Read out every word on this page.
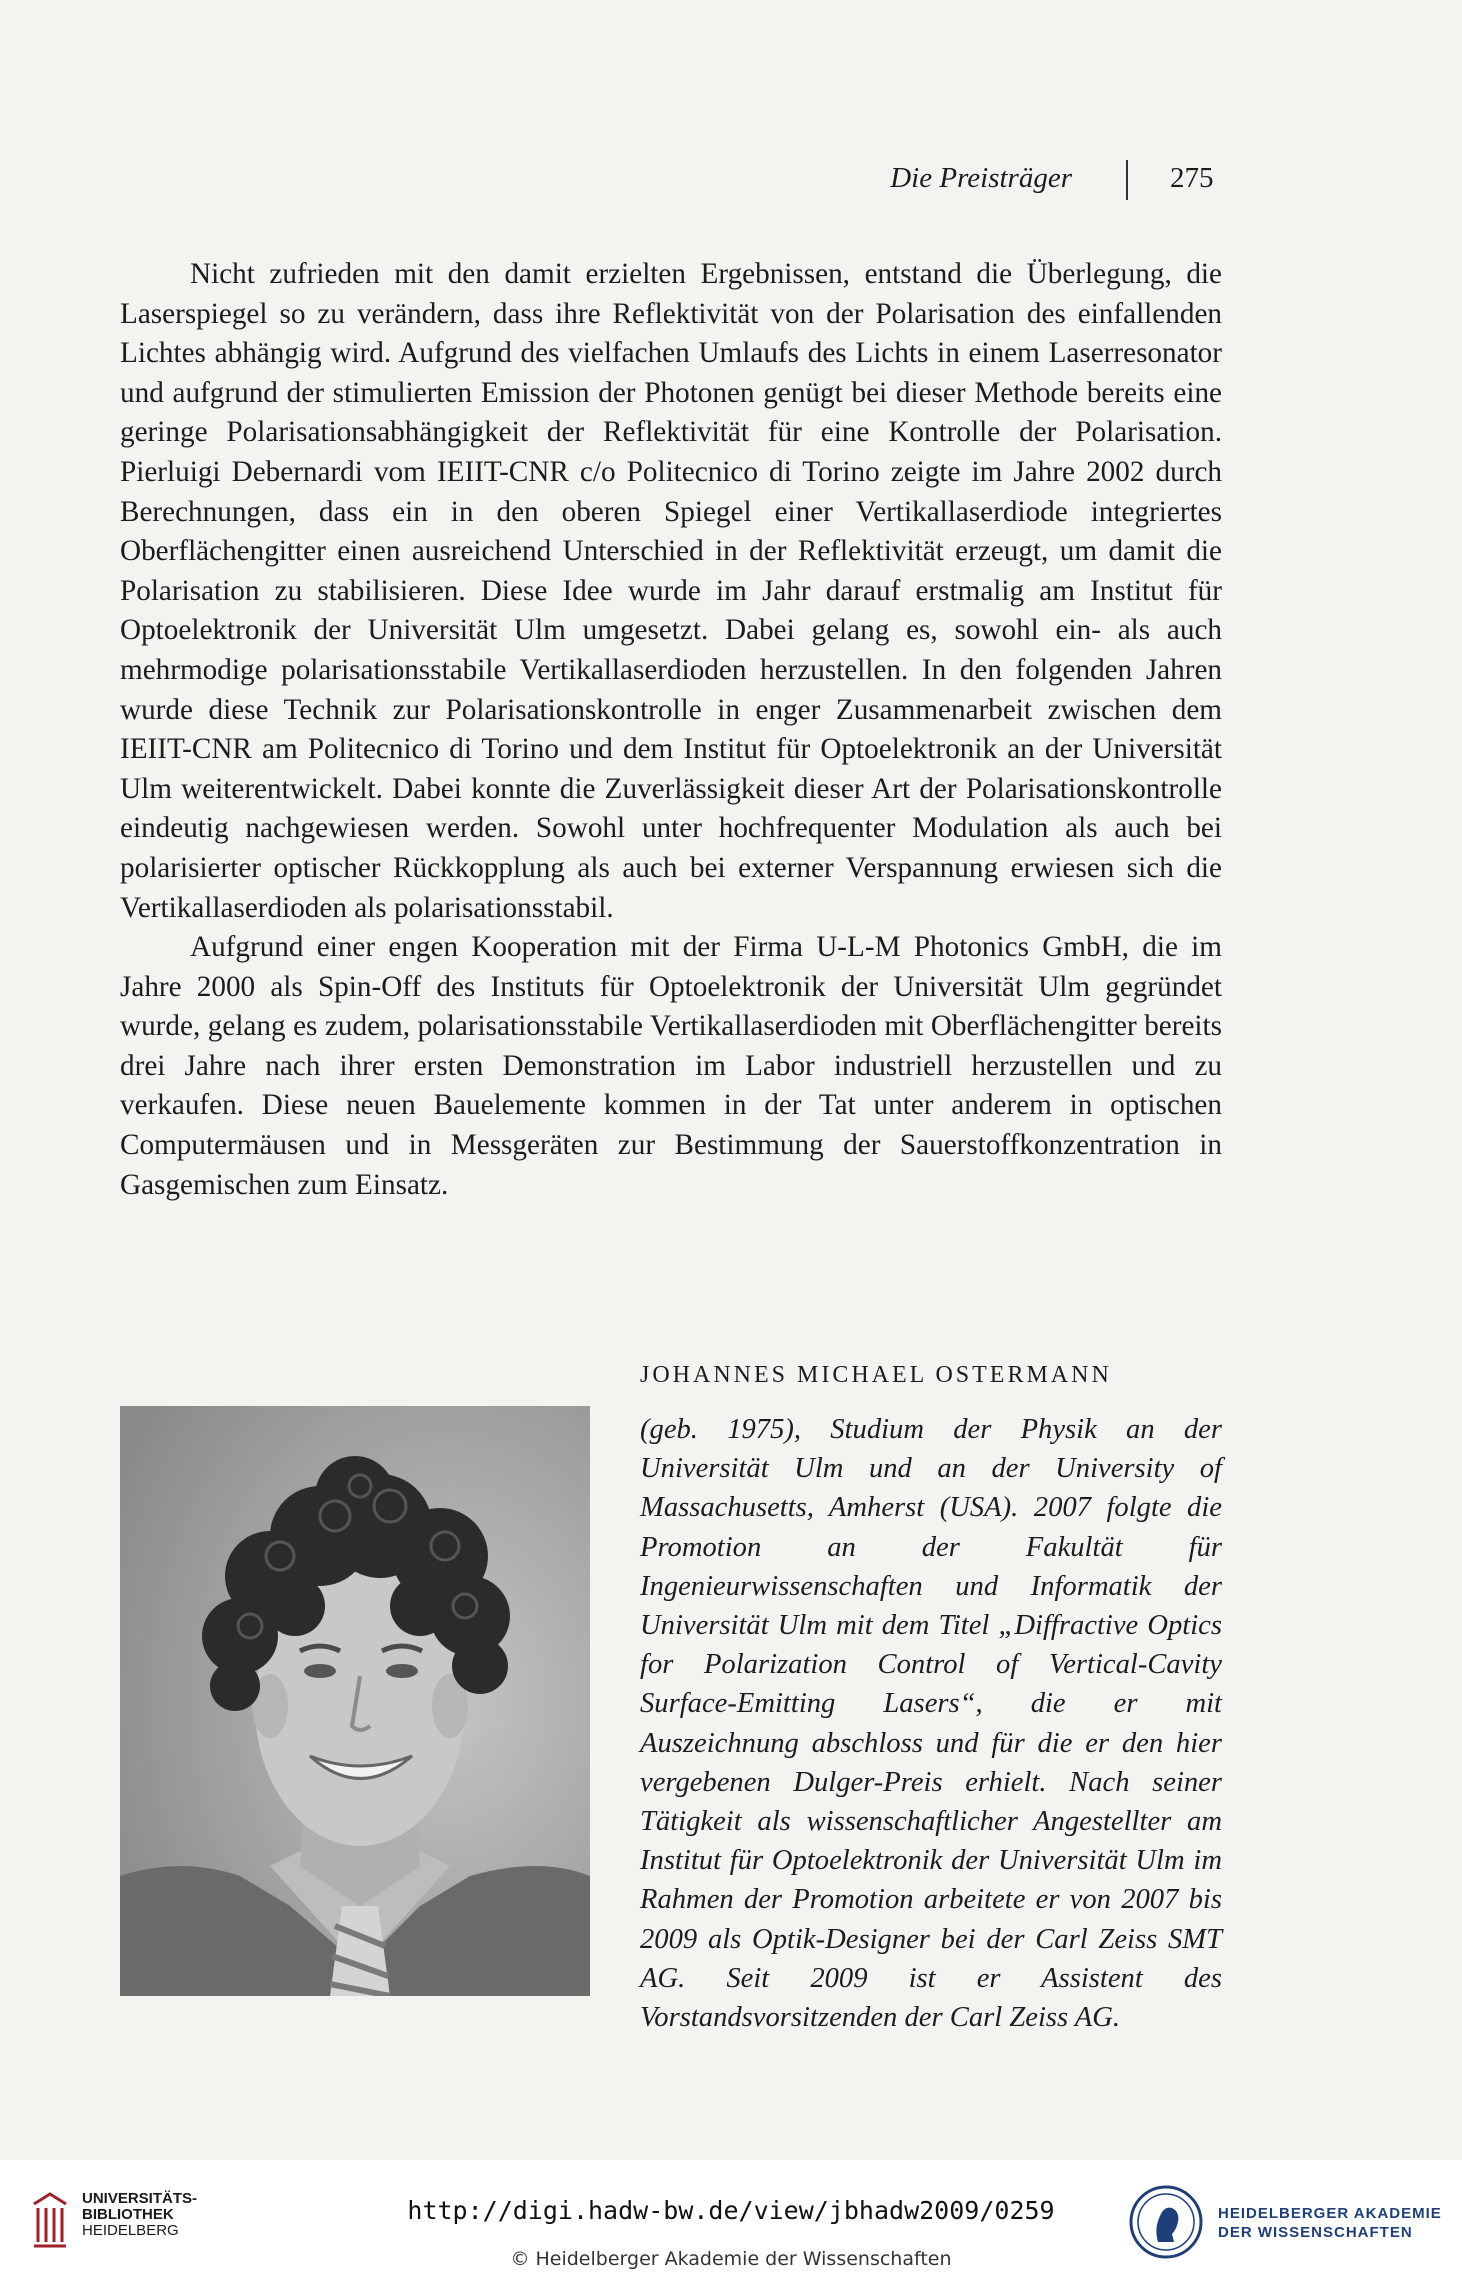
Die Preisträger	275

Nicht zufrieden mit den damit erzielten Ergebnissen, entstand die Überlegung, die Laserspiegel so zu verändern, dass ihre Reflektivität von der Polarisation des einfallenden Lichtes abhängig wird. Aufgrund des vielfachen Umlaufs des Lichts in einem Laserresonator und aufgrund der stimulierten Emission der Photonen genügt bei dieser Methode bereits eine geringe Polarisationsabhängigkeit der Reflektivität für eine Kontrolle der Polarisation. Pierluigi Debernardi vom IEIIT-CNR c/o Politecnico di Torino zeigte im Jahre 2002 durch Berechnungen, dass ein in den oberen Spiegel einer Vertikallaserdiode integriertes Oberflächengitter einen ausreichend Unterschied in der Reflektivität erzeugt, um damit die Polarisation zu stabilisieren. Diese Idee wurde im Jahr darauf erstmalig am Institut für Optoelektronik der Universität Ulm umgesetzt. Dabei gelang es, sowohl ein- als auch mehrmodige polarisationsstabile Vertikallaserdioden herzustellen. In den folgenden Jahren wurde diese Technik zur Polarisationskontrolle in enger Zusammenarbeit zwischen dem IEIIT-CNR am Politecnico di Torino und dem Institut für Optoelektronik an der Universität Ulm weiterentwickelt. Dabei konnte die Zuverlässigkeit dieser Art der Polarisationskontrolle eindeutig nachgewiesen werden. Sowohl unter hochfrequenter Modulation als auch bei polarisierter optischer Rückkopplung als auch bei externer Verspannung erwiesen sich die Vertikallaserdioden als polarisationsstabil.

Aufgrund einer engen Kooperation mit der Firma U-L-M Photonics GmbH, die im Jahre 2000 als Spin-Off des Instituts für Optoelektronik der Universität Ulm gegründet wurde, gelang es zudem, polarisationsstabile Vertikallaserdioden mit Oberflächengitter bereits drei Jahre nach ihrer ersten Demonstration im Labor industriell herzustellen und zu verkaufen. Diese neuen Bauelemente kommen in der Tat unter anderem in optischen Computermäusen und in Messgeräten zur Bestimmung der Sauerstoffkonzentration in Gasgemischen zum Einsatz.

JOHANNES MICHAEL OSTERMANN
(geb. 1975), Studium der Physik an der Universität Ulm und an der University of Massachusetts, Amherst (USA). 2007 folgte die Promotion an der Fakultät für Ingenieurwissenschaften und Informatik der Universität Ulm mit dem Titel „Diffractive Optics for Polarization Control of Vertical-Cavity Surface-Emitting Lasers“, die er mit Auszeichnung abschloss und für die er den hier vergebenen Dulger-Preis erhielt. Nach seiner Tätigkeit als wissenschaftlicher Angestellter am Institut für Optoelektronik der Universität Ulm im Rahmen der Promotion arbeitete er von 2007 bis 2009 als Optik-Designer bei der Carl Zeiss SMT AG. Seit 2009 ist er Assistent des Vorstandsvorsitzenden der Carl Zeiss AG.
UNIVERSITÄTS-
BIBLIOTHEK
HEIDELBERG
http://digi.hadw-bw.de/view/jbhadw2009/0259
© Heidelberger Akademie der Wissenschaften
HEIDELBERGER AKADEMIE
DER WISSENSCHAFTEN
